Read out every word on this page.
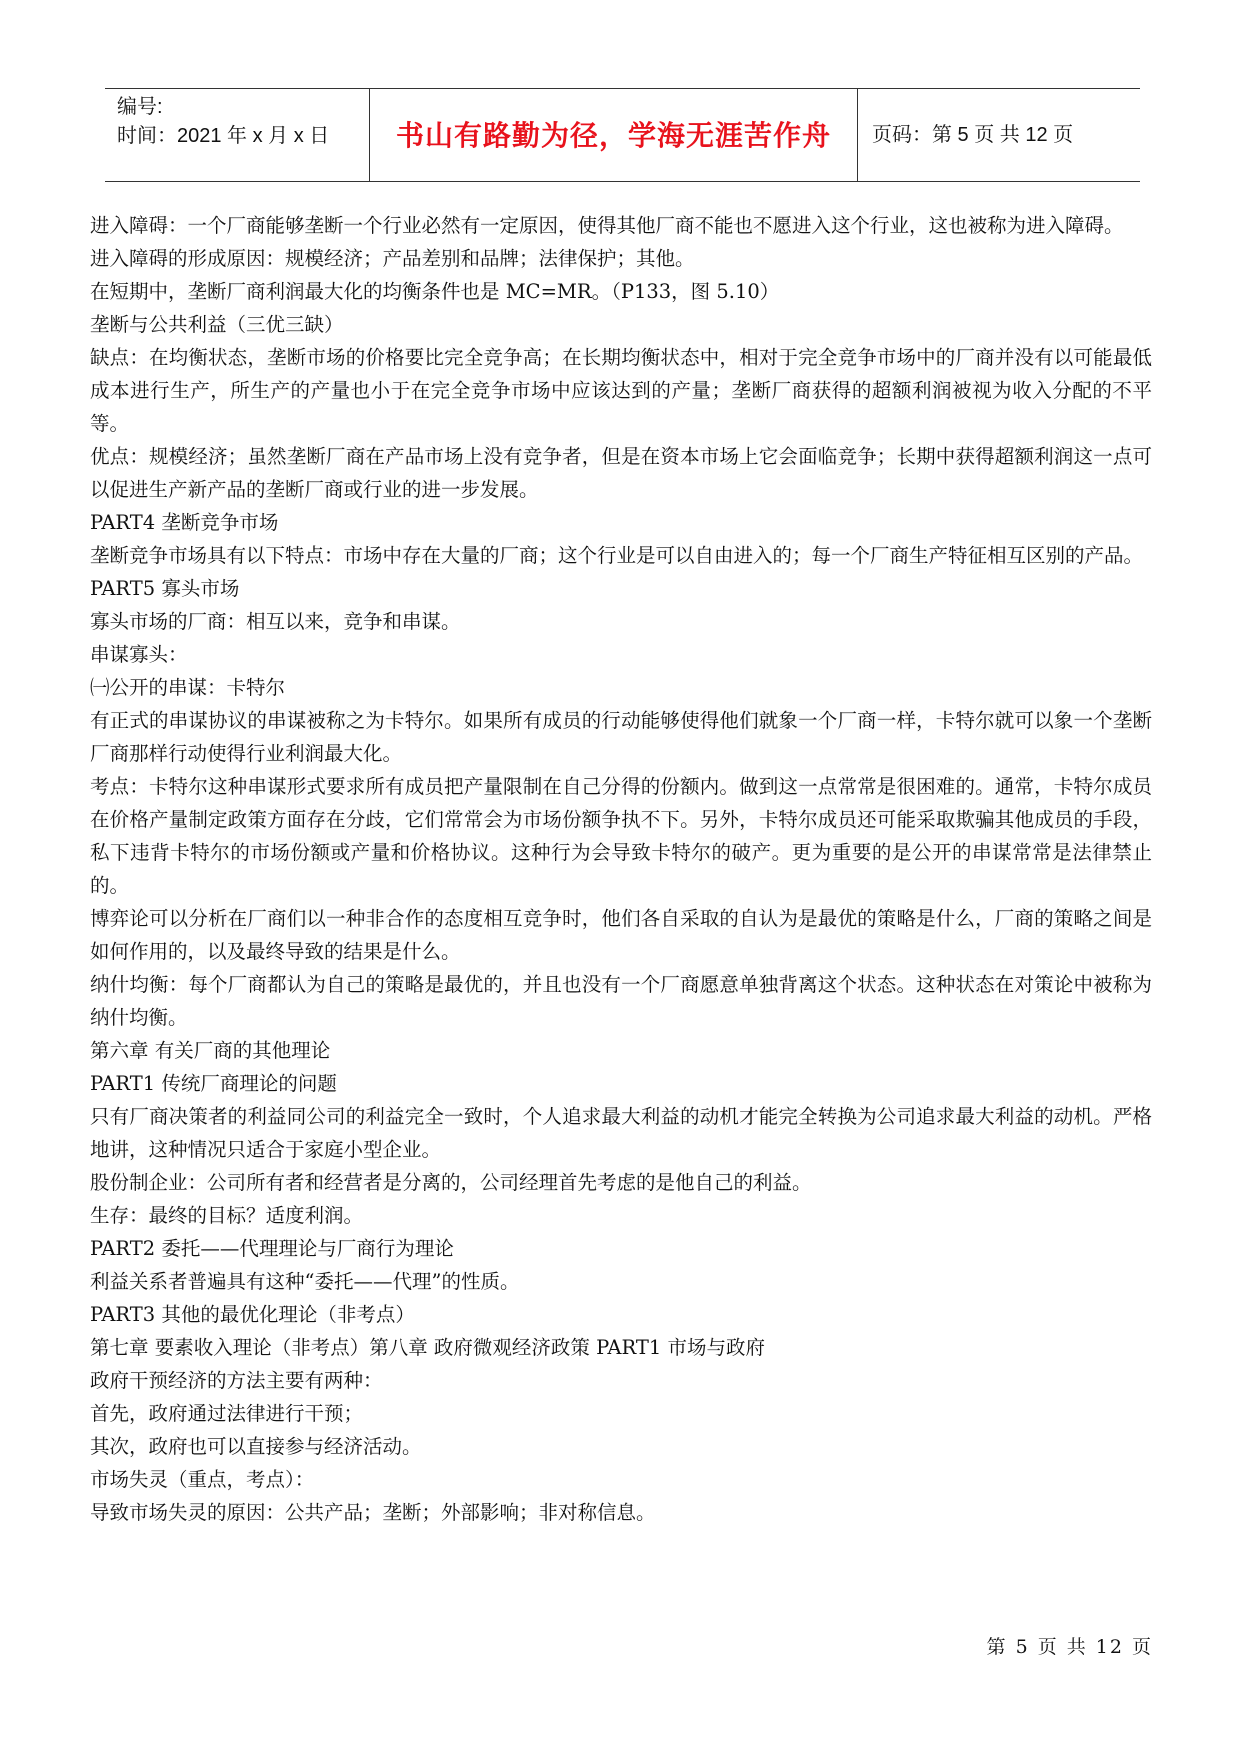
编号:
时间：2021 年 x 月 x 日	书山有路勤为径，学海无涯苦作舟	页码：第 5 页 共 12 页

进入障碍：一个厂商能够垄断一个行业必然有一定原因，使得其他厂商不能也不愿进入这个行业，这也被称为进入障碍。

进入障碍的形成原因：规模经济；产品差别和品牌；法律保护；其他。

在短期中，垄断厂商利润最大化的均衡条件也是 MC=MR。（P133，图 5.10）

垄断与公共利益（三优三缺）

缺点：在均衡状态，垄断市场的价格要比完全竞争高；在长期均衡状态中，相对于完全竞争市场中的厂商并没有以可能最低成本进行生产，所生产的产量也小于在完全竞争市场中应该达到的产量；垄断厂商获得的超额利润被视为收入分配的不平等。

优点：规模经济；虽然垄断厂商在产品市场上没有竞争者，但是在资本市场上它会面临竞争；长期中获得超额利润这一点可以促进生产新产品的垄断厂商或行业的进一步发展。

PART4 垄断竞争市场

垄断竞争市场具有以下特点：市场中存在大量的厂商；这个行业是可以自由进入的；每一个厂商生产特征相互区别的产品。

PART5 寡头市场

寡头市场的厂商：相互以来，竞争和串谋。

串谋寡头：

㈠公开的串谋：卡特尔

有正式的串谋协议的串谋被称之为卡特尔。如果所有成员的行动能够使得他们就象一个厂商一样，卡特尔就可以象一个垄断厂商那样行动使得行业利润最大化。

考点：卡特尔这种串谋形式要求所有成员把产量限制在自己分得的份额内。做到这一点常常是很困难的。通常，卡特尔成员在价格产量制定政策方面存在分歧，它们常常会为市场份额争执不下。另外，卡特尔成员还可能采取欺骗其他成员的手段，私下违背卡特尔的市场份额或产量和价格协议。这种行为会导致卡特尔的破产。更为重要的是公开的串谋常常是法律禁止的。

博弈论可以分析在厂商们以一种非合作的态度相互竞争时，他们各自采取的自认为是最优的策略是什么，厂商的策略之间是如何作用的，以及最终导致的结果是什么。

纳什均衡：每个厂商都认为自己的策略是最优的，并且也没有一个厂商愿意单独背离这个状态。这种状态在对策论中被称为纳什均衡。

第六章 有关厂商的其他理论

PART1 传统厂商理论的问题

只有厂商决策者的利益同公司的利益完全一致时，个人追求最大利益的动机才能完全转换为公司追求最大利益的动机。严格地讲，这种情况只适合于家庭小型企业。

股份制企业：公司所有者和经营者是分离的，公司经理首先考虑的是他自己的利益。

生存：最终的目标？适度利润。

PART2 委托——代理理论与厂商行为理论

利益关系者普遍具有这种“委托——代理”的性质。

PART3 其他的最优化理论（非考点）

第七章 要素收入理论（非考点）第八章 政府微观经济政策 PART1 市场与政府

政府干预经济的方法主要有两种：

首先，政府通过法律进行干预；

其次，政府也可以直接参与经济活动。

市场失灵（重点，考点）：

导致市场失灵的原因：公共产品；垄断；外部影响；非对称信息。

第 5 页 共 12 页
